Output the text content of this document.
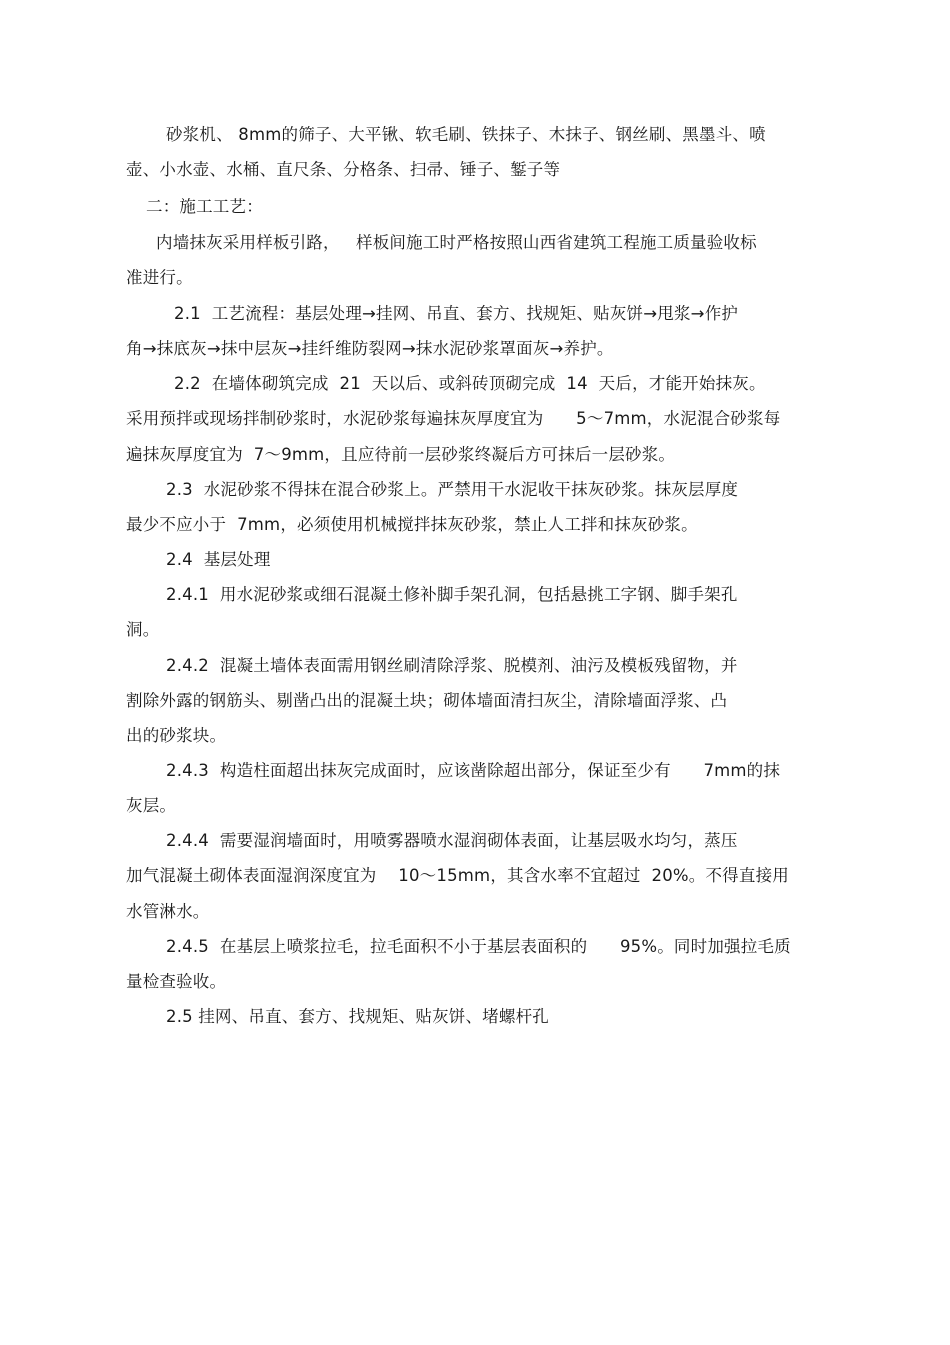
砂浆机、 8mm的筛子、大平锹、软毛刷、铁抹子、木抹子、钢丝刷、黑墨斗、喷
壶、小水壶、水桶、直尺条、分格条、扫帚、锤子、錾子等
二：施工工艺：
内墙抹灰采用样板引路，   样板间施工时严格按照山西省建筑工程施工质量验收标
准进行。
2.1  工艺流程：基层处理→挂网、吊直、套方、找规矩、贴灰饼→甩浆→作护
角→抹底灰→抹中层灰→挂纤维防裂网→抹水泥砂浆罩面灰→养护。
2.2  在墙体砌筑完成  21  天以后、或斜砖顶砌完成  14  天后，才能开始抹灰。
采用预拌或现场拌制砂浆时，水泥砂浆每遍抹灰厚度宜为      5～7mm，水泥混合砂浆每
遍抹灰厚度宜为  7～9mm，且应待前一层砂浆终凝后方可抹后一层砂浆。
2.3  水泥砂浆不得抹在混合砂浆上。严禁用干水泥收干抹灰砂浆。抹灰层厚度
最少不应小于  7mm，必须使用机械搅拌抹灰砂浆，禁止人工拌和抹灰砂浆。
2.4  基层处理
2.4.1  用水泥砂浆或细石混凝土修补脚手架孔洞，包括悬挑工字钢、脚手架孔
洞。
2.4.2  混凝土墙体表面需用钢丝刷清除浮浆、脱模剂、油污及模板残留物，并
割除外露的钢筋头、剔凿凸出的混凝土块；砌体墙面清扫灰尘，清除墙面浮浆、凸
出的砂浆块。
2.4.3  构造柱面超出抹灰完成面时，应该凿除超出部分，保证至少有      7mm的抹
灰层。
2.4.4  需要湿润墙面时，用喷雾器喷水湿润砌体表面，让基层吸水均匀，蒸压
加气混凝土砌体表面湿润深度宜为    10～15mm，其含水率不宜超过  20%。不得直接用
水管淋水。
2.4.5  在基层上喷浆拉毛，拉毛面积不小于基层表面积的      95%。同时加强拉毛质
量检查验收。
2.5 挂网、吊直、套方、找规矩、贴灰饼、堵螺杆孔
